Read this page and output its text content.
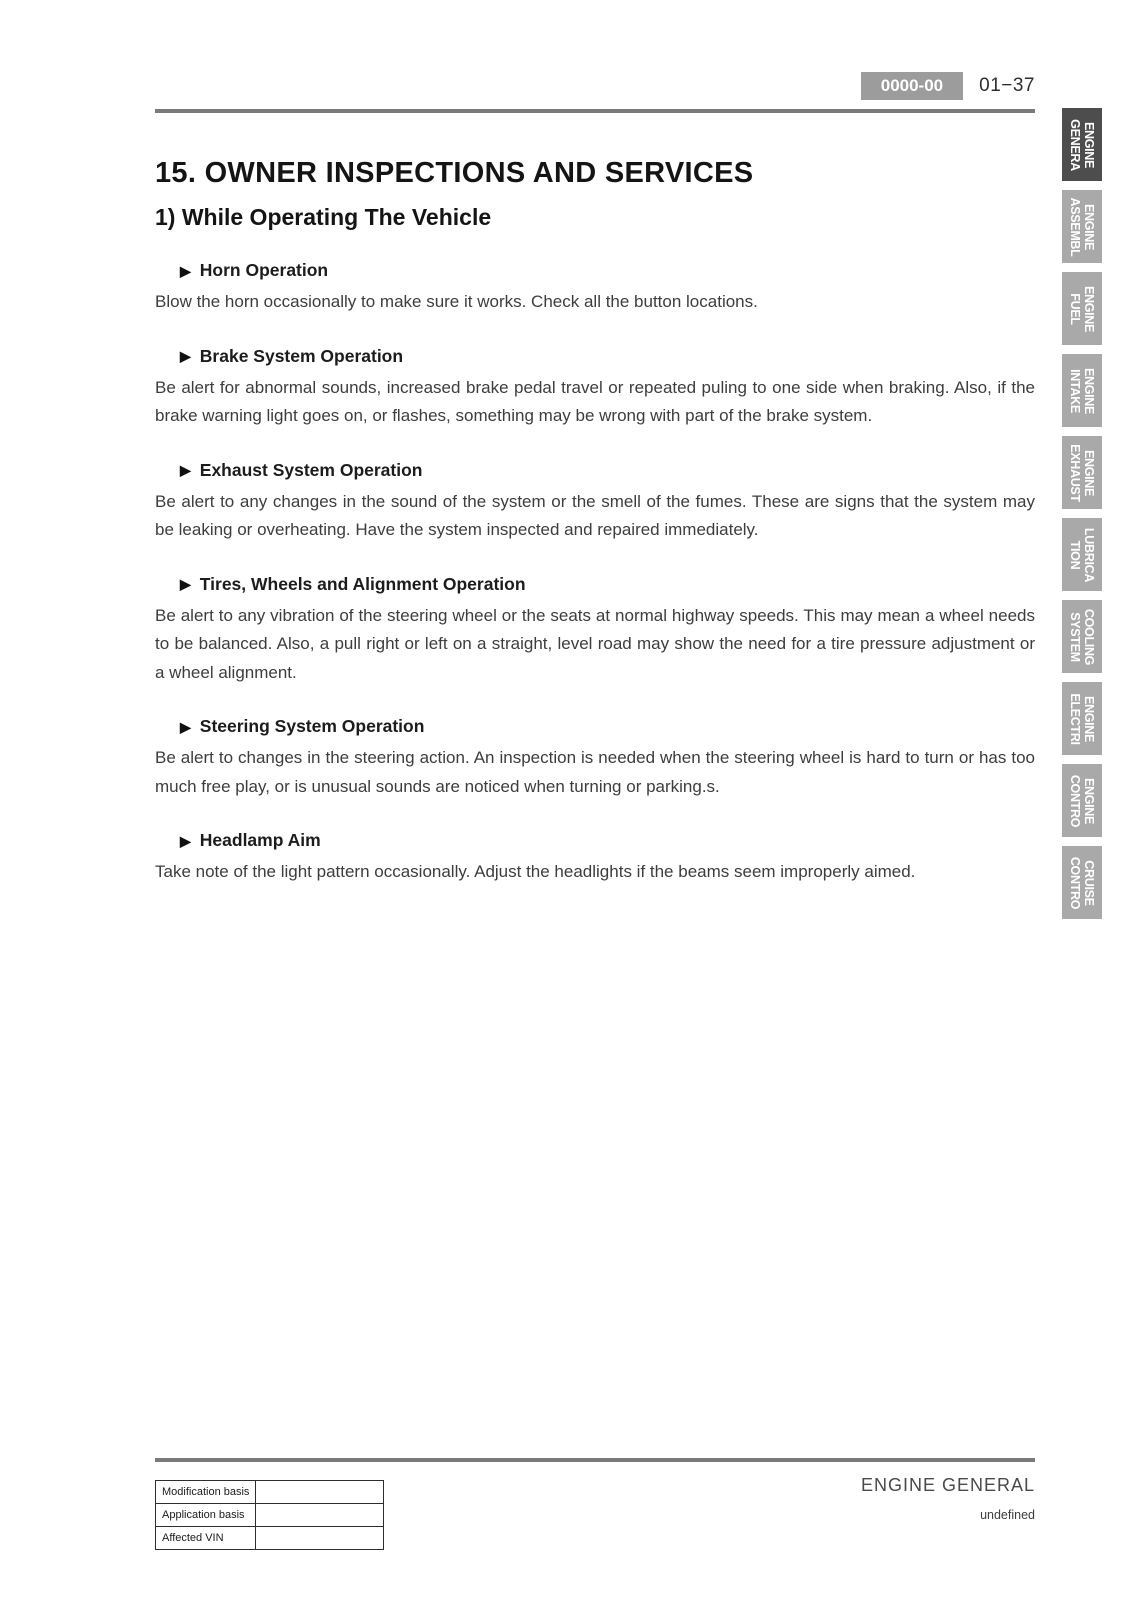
0000-00	01−37
15. OWNER INSPECTIONS AND SERVICES
1) While Operating The Vehicle
▶ Horn Operation

Blow the horn occasionally to make sure it works. Check all the button locations.

▶ Brake System Operation

Be alert for abnormal sounds, increased brake pedal travel or repeated puling to one side when braking. Also, if the brake warning light goes on, or flashes, something may be wrong with part of the brake system.

▶ Exhaust System Operation

Be alert to any changes in the sound of the system or the smell of the fumes. These are signs that the system may be leaking or overheating. Have the system inspected and repaired immediately.

▶ Tires, Wheels and Alignment Operation

Be alert to any vibration of the steering wheel or the seats at normal highway speeds. This may mean a wheel needs to be balanced. Also, a pull right or left on a straight, level road may show the need for a tire pressure adjustment or a wheel alignment.

▶ Steering System Operation

Be alert to changes in the steering action. An inspection is needed when the steering wheel is hard to turn or has too much free play, or is unusual sounds are noticed when turning or parking.s.

▶ Headlamp Aim

Take note of the light pattern occasionally. Adjust the headlights if the beams seem improperly aimed.

ENGINE
GENERA
ENGINE
ASSEMBL
ENGINE
FUEL
ENGINE
INTAKE
ENGINE
EXHAUST
LUBRICA
TION
COOLING
SYSTEM
ENGINE
ELECTRI
ENGINE
CONTRO
CRUISE
CONTRO
Modification basis	
Application basis	
Affected VIN	
ENGINE GENERAL
undefined
